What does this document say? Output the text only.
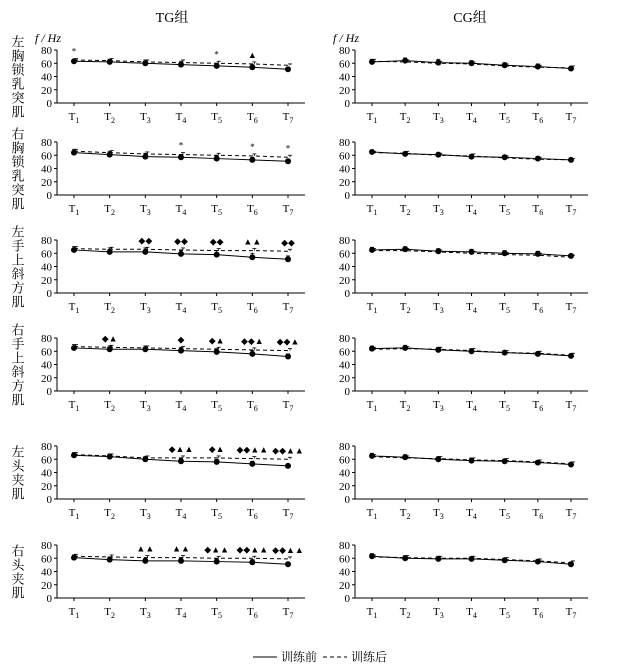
TG组	CG组
0
20
40
60
80
$T_1$ $T_2$ $T_3$ $T_4$ $T_5$ $T_6$ $T_7$
f / Hz
左
胸
锁
乳
突
肌
*	*	▲
0
20
40
60
80
$T_1$ $T_2$ $T_3$ $T_4$ $T_5$ $T_6$ $T_7$
f / Hz
0
20
40
60
80
$T_1$ $T_2$ $T_3$ $T_4$ $T_5$ $T_6$ $T_7$
右
胸
锁
乳
突
肌
*	*	*
0
20
40
60
80
$T_1$ $T_2$ $T_3$ $T_4$ $T_5$ $T_6$ $T_7$
0
20
40
60
80
$T_1$ $T_2$ $T_3$ $T_4$ $T_5$ $T_6$ $T_7$
左
手
上
斜
方
肌
◆◆ ◆◆ ◆◆ ▲▲ ◆◆
0
20
40
60
80
$T_1$ $T_2$ $T_3$ $T_4$ $T_5$ $T_6$ $T_7$
0
20
40
60
80
$T_1$ $T_2$ $T_3$ $T_4$ $T_5$ $T_6$ $T_7$
右
手
上
斜
方
肌
◆▲	◆	◆▲ ◆◆▲ ◆◆▲
0
20
40
60
80
$T_1$ $T_2$ $T_3$ $T_4$ $T_5$ $T_6$ $T_7$
0
20
40
60
80
$T_1$ $T_2$ $T_3$ $T_4$ $T_5$ $T_6$ $T_7$
左
头
夹
肌
◆▲▲ ◆▲ ◆◆▲▲ ◆◆▲▲
0
20
40
60
80
$T_1$ $T_2$ $T_3$ $T_4$ $T_5$ $T_6$ $T_7$
0
20
40
60
80
$T_1$ $T_2$ $T_3$ $T_4$ $T_5$ $T_6$ $T_7$
右
头
夹
肌
▲▲ ▲▲ ◆▲▲ ◆◆▲▲ ◆◆▲▲
0
20
40
60
80
$T_1$ $T_2$ $T_3$ $T_4$ $T_5$ $T_6$ $T_7$
训练前	训练后
